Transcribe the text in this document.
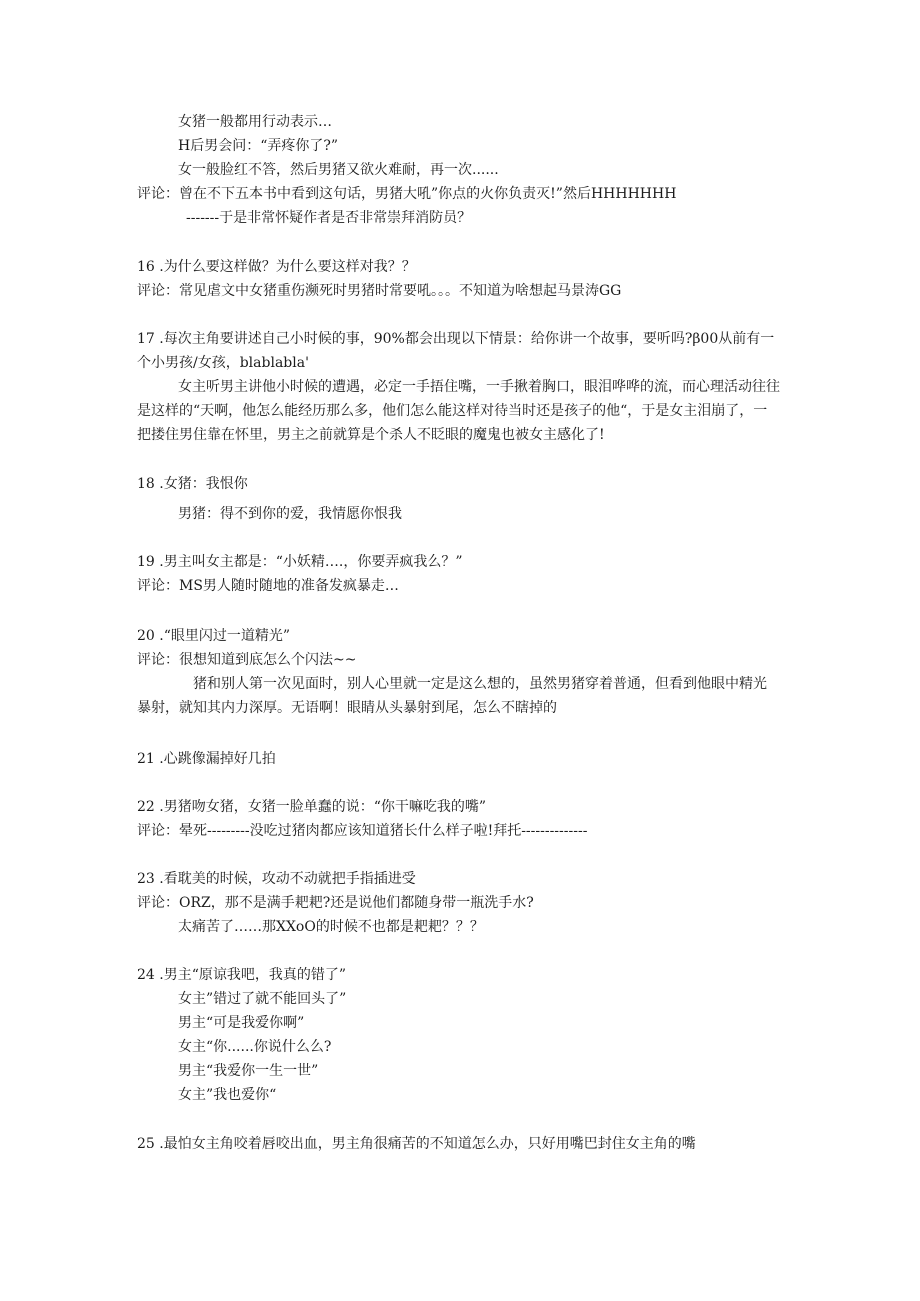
女猪一般都用行动表示…
H后男会问：“弄疼你了?”
女一般脸红不答，然后男猪又欲火难耐，再一次......
评论：曾在不下五本书中看到这句话，男猪大吼”你点的火你负责灭!”然后HHHHHHH
-------于是非常怀疑作者是否非常崇拜消防员？
16 .为什么要这样做？为什么要这样对我？？
评论：常见虐文中女猪重伤濒死时男猪时常要吼。。。不知道为啥想起马景涛GG
17 .每次主角要讲述自己小时候的事，90%都会出现以下情景：给你讲一个故事，要听吗?β00从前有一
个小男孩/女孩，blablabla'
女主听男主讲他小时候的遭遇，必定一手捂住嘴，一手揪着胸口，眼泪哗哗的流，而心理活动往往
是这样的“天啊，他怎么能经历那么多，他们怎么能这样对待当时还是孩子的他“，于是女主泪崩了，一
把搂住男住靠在怀里，男主之前就算是个杀人不眨眼的魔鬼也被女主感化了!
18 .女猪：我恨你
男猪：得不到你的爱，我情愿你恨我
19 .男主叫女主都是：“小妖精….，你要弄疯我么？”
评论：MS男人随时随地的准备发疯暴走…
20 .“眼里闪过一道精光”
评论：很想知道到底怎么个闪法~~
猪和别人第一次见面时，别人心里就一定是这么想的，虽然男猪穿着普通，但看到他眼中精光
暴射，就知其内力深厚。无语啊！眼睛从头暴射到尾，怎么不瞎掉的
21 .心跳像漏掉好几拍
22 .男猪吻女猪，女猪一脸单蠢的说：“你干嘛吃我的嘴”
评论：晕死---------没吃过猪肉都应该知道猪长什么样子啦!拜托--------------
23 .看耽美的时候，攻动不动就把手指插进受
评论：ORZ，那不是满手耙耙?还是说他们都随身带一瓶洗手水?
太痛苦了……那XXoO的时候不也都是耙耙？？？
24 .男主“原谅我吧，我真的错了”
女主”错过了就不能回头了”
男主“可是我爱你啊”
女主“你......你说什么么?
男主“我爱你一生一世”
女主”我也爱你“
25 .最怕女主角咬着唇咬出血，男主角很痛苦的不知道怎么办，只好用嘴巴封住女主角的嘴
